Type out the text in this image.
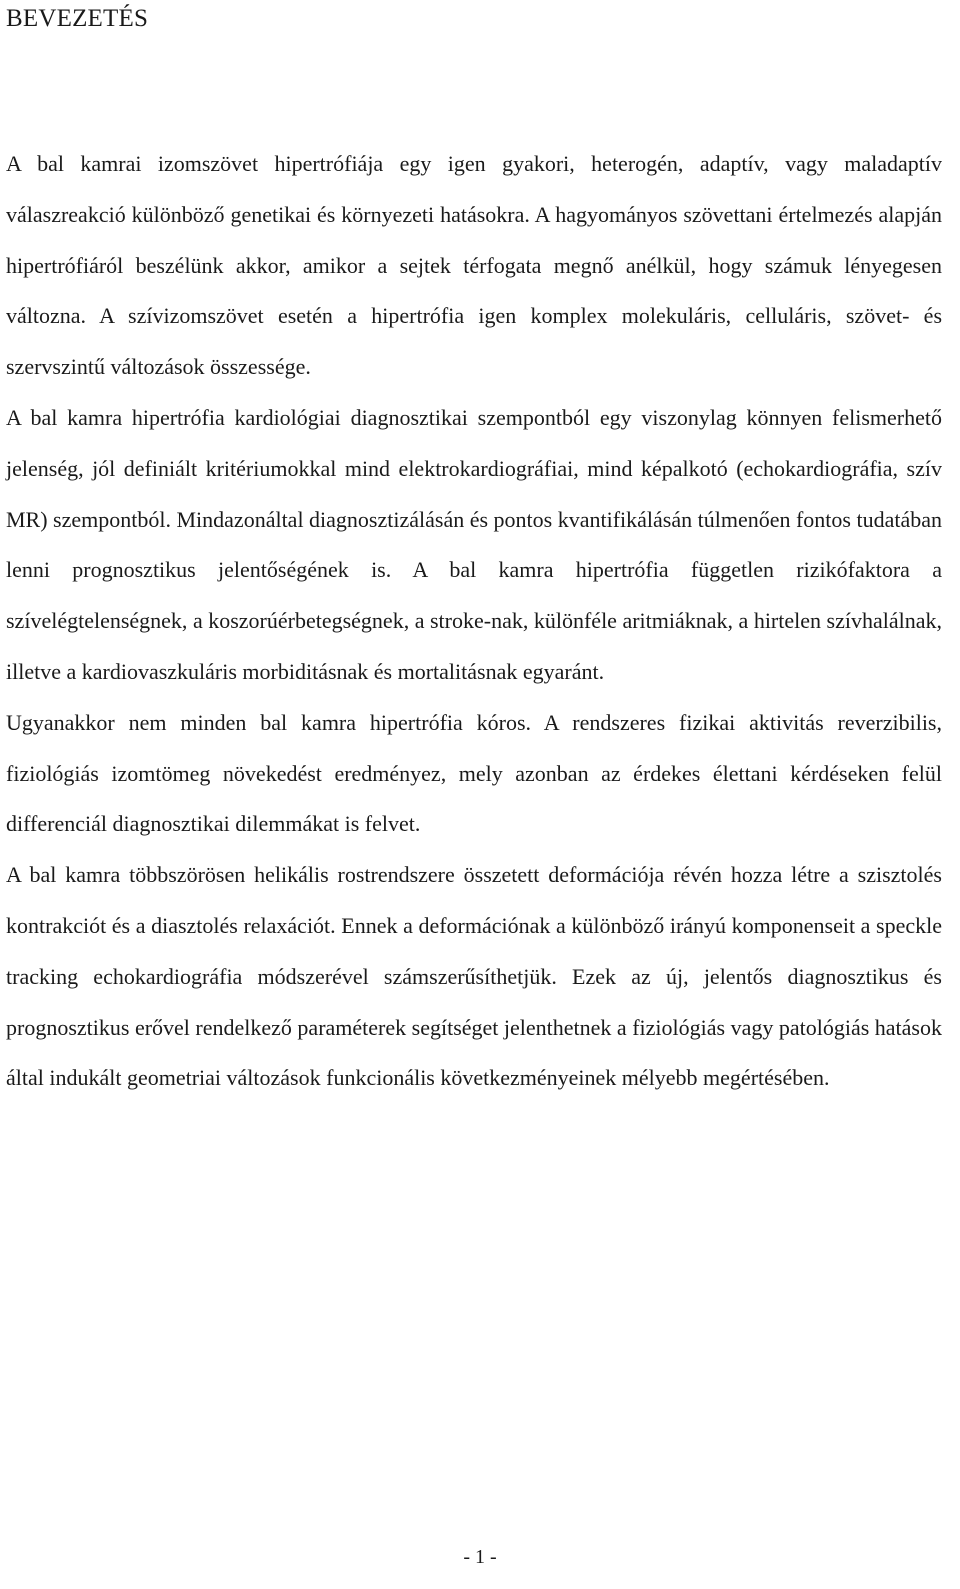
BEVEZETÉS

A bal kamrai izomszövet hipertrófiája egy igen gyakori, heterogén, adaptív, vagy maladaptív válaszreakció különböző genetikai és környezeti hatásokra. A hagyományos szövettani értelmezés alapján hipertrófiáról beszélünk akkor, amikor a sejtek térfogata megnő anélkül, hogy számuk lényegesen változna. A szívizomszövet esetén a hipertrófia igen komplex molekuláris, celluláris, szövet- és szervszintű változások összessége.

A bal kamra hipertrófia kardiológiai diagnosztikai szempontból egy viszonylag könnyen felismerhető jelenség, jól definiált kritériumokkal mind elektrokardiográfiai, mind képalkotó (echokardiográfia, szív MR) szempontból. Mindazonáltal diagnosztizálásán és pontos kvantifikálásán túlmenően fontos tudatában lenni prognosztikus jelentőségének is. A bal kamra hipertrófia független rizikófaktora a szívelégtelenségnek, a koszorúérbetegségnek, a stroke-nak, különféle aritmiáknak, a hirtelen szívhalálnak, illetve a kardiovaszkuláris morbiditásnak és mortalitásnak egyaránt.

Ugyanakkor nem minden bal kamra hipertrófia kóros. A rendszeres fizikai aktivitás reverzibilis, fiziológiás izomtömeg növekedést eredményez, mely azonban az érdekes élettani kérdéseken felül differenciál diagnosztikai dilemmákat is felvet.

A bal kamra többszörösen helikális rostrendszere összetett deformációja révén hozza létre a szisztolés kontrakciót és a diasztolés relaxációt. Ennek a deformációnak a különböző irányú komponenseit a speckle tracking echokardiográfia módszerével számszerűsíthetjük. Ezek az új, jelentős diagnosztikus és prognosztikus erővel rendelkező paraméterek segítséget jelenthetnek a fiziológiás vagy patológiás hatások által indukált geometriai változások funkcionális következményeinek mélyebb megértésében.

- 1 -
